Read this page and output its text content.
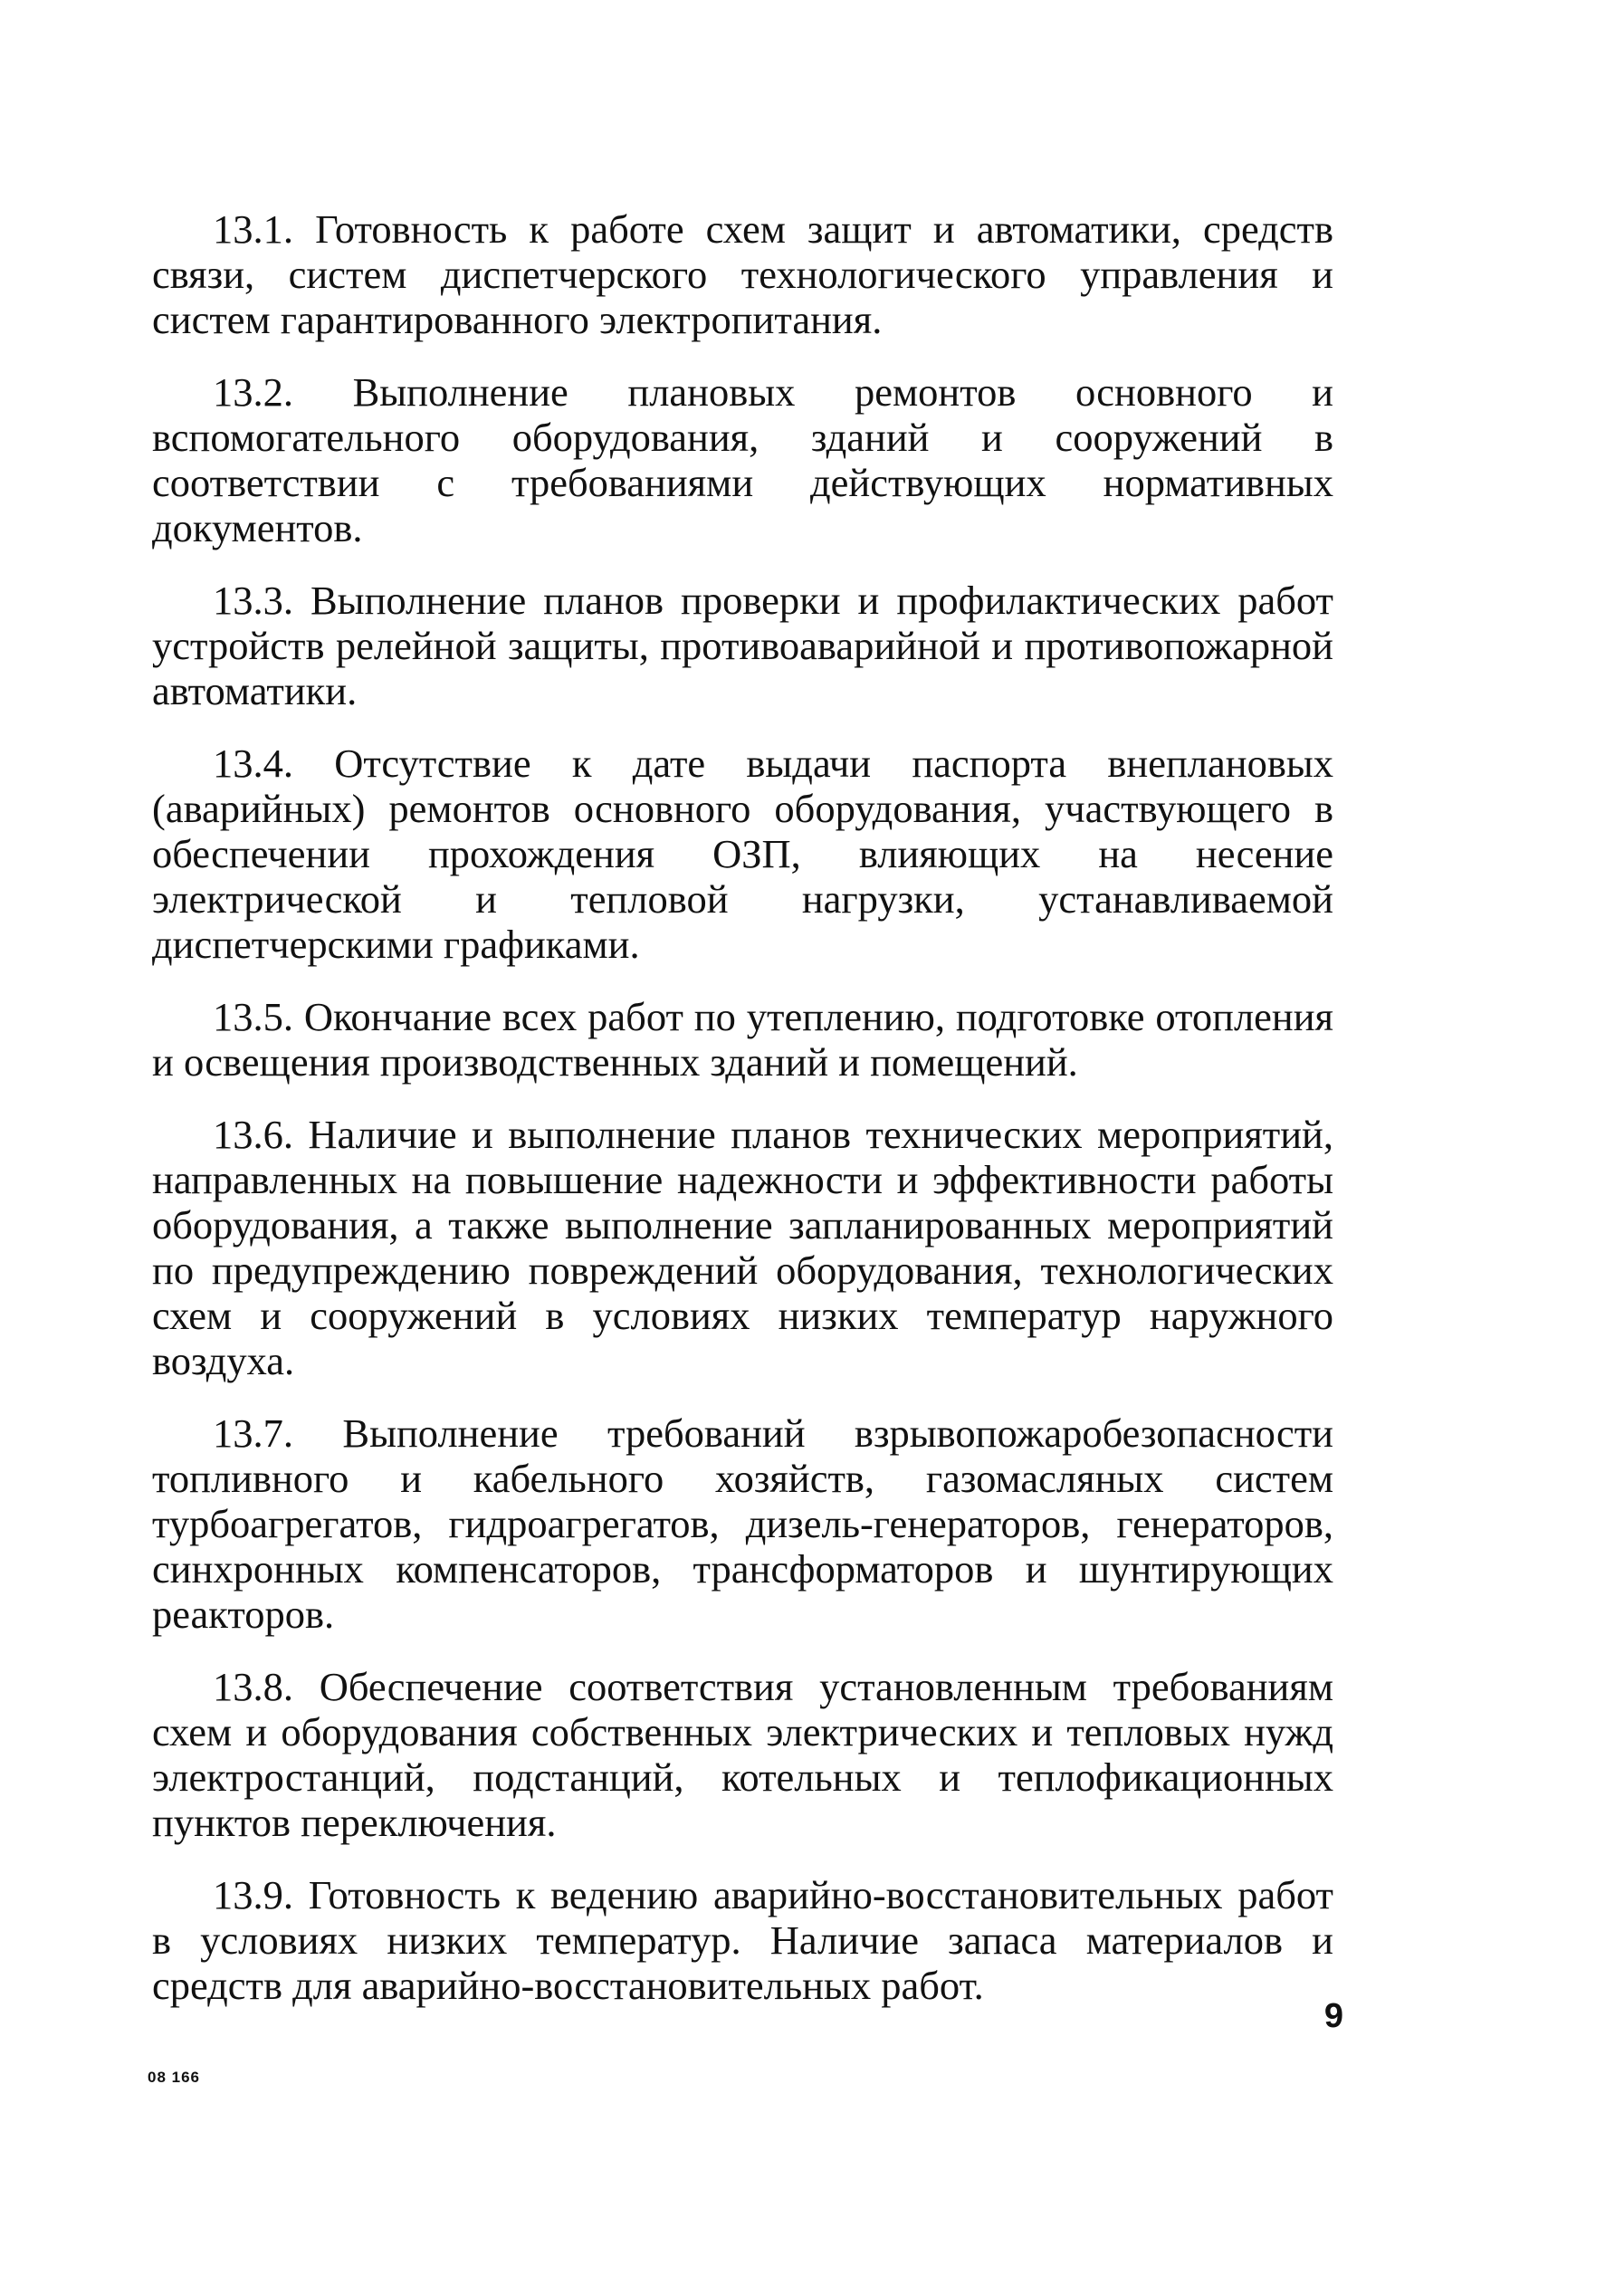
13.1. Готовность к работе схем защит и автоматики, средств связи, систем диспетчерского технологического управления и систем гарантированного электропитания.

13.2. Выполнение плановых ремонтов основного и вспомогательного оборудования, зданий и сооружений в соответствии с требованиями действующих нормативных документов.

13.3. Выполнение планов проверки и профилактических работ устройств релейной защиты, противоаварийной и противопожарной автоматики.

13.4. Отсутствие к дате выдачи паспорта внеплановых (аварийных) ремонтов основного оборудования, участвующего в обеспечении прохождения ОЗП, влияющих на несение электрической и тепловой нагрузки, устанавливаемой диспетчерскими графиками.

13.5. Окончание всех работ по утеплению, подготовке отопления и освещения производственных зданий и помещений.

13.6. Наличие и выполнение планов технических мероприятий, направленных на повышение надежности и эффективности работы оборудования, а также выполнение запланированных мероприятий по предупреждению повреждений оборудования, технологических схем и сооружений в условиях низких температур наружного воздуха.

13.7. Выполнение требований взрывопожаробезопасности топливного и кабельного хозяйств, газомасляных систем турбоагрегатов, гидроагрегатов, дизель-генераторов, генераторов, синхронных компенсаторов, трансформаторов и шунтирующих реакторов.

13.8. Обеспечение соответствия установленным требованиям схем и оборудования собственных электрических и тепловых нужд электростанций, подстанций, котельных и теплофикационных пунктов переключения.

13.9. Готовность к ведению аварийно-восстановительных работ в условиях низких температур. Наличие запаса материалов и средств для аварийно-восстановительных работ.

9
08 166
